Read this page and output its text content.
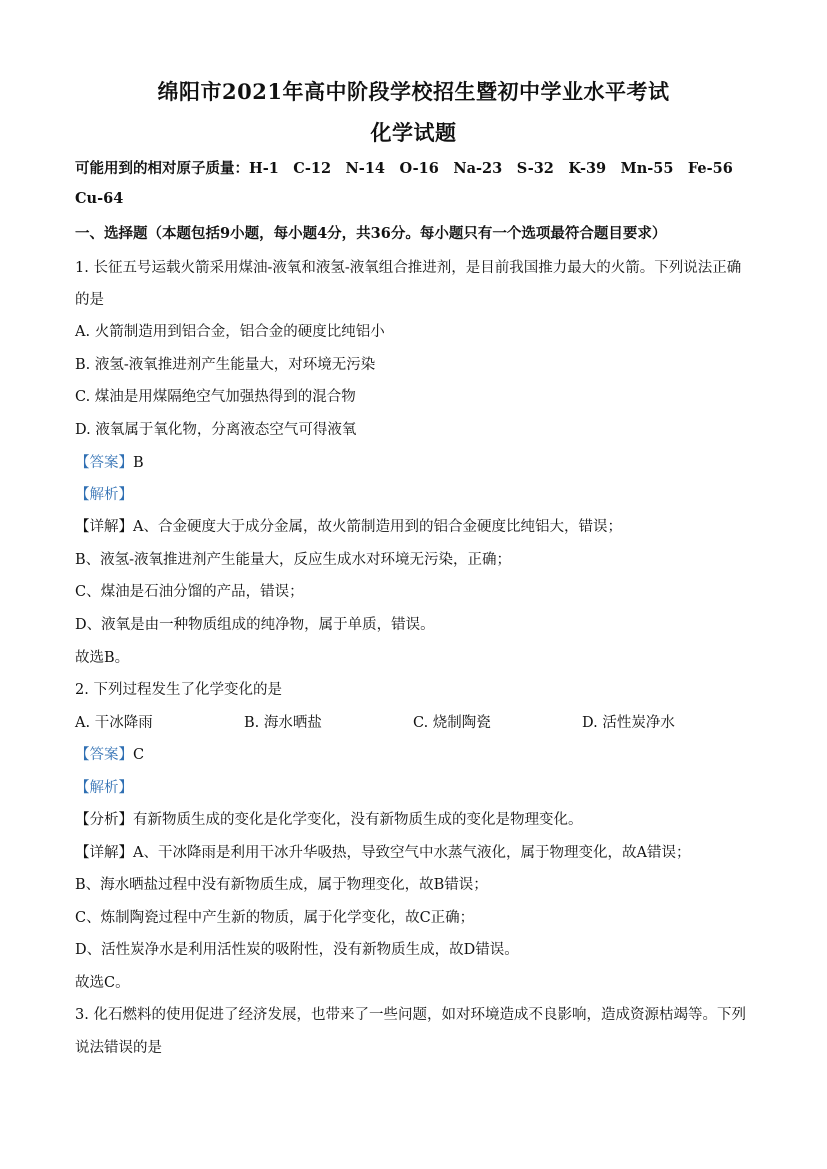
绵阳市2021年高中阶段学校招生暨初中学业水平考试
化学试题
可能用到的相对原子质量：H-1　C-12　N-14　O-16　Na-23　S-32　K-39　Mn-55　Fe-56
Cu-64
一、选择题（本题包括9小题，每小题4分，共36分。每小题只有一个选项最符合题目要求）
1. 长征五号运载火箭采用煤油-液氧和液氢-液氧组合推进剂，是目前我国推力最大的火箭。下列说法正确
的是
A. 火箭制造用到铝合金，铝合金的硬度比纯铝小
B. 液氢-液氧推进剂产生能量大，对环境无污染
C. 煤油是用煤隔绝空气加强热得到的混合物
D. 液氧属于氧化物，分离液态空气可得液氧
【答案】B
【解析】
【详解】A、合金硬度大于成分金属，故火箭制造用到的铝合金硬度比纯铝大，错误；
B、液氢-液氧推进剂产生能量大，反应生成水对环境无污染，正确；
C、煤油是石油分馏的产品，错误；
D、液氧是由一种物质组成的纯净物，属于单质，错误。
故选B。
2. 下列过程发生了化学变化的是
A. 干冰降雨	B. 海水晒盐	C. 烧制陶瓷	D. 活性炭净水
【答案】C
【解析】
【分析】有新物质生成的变化是化学变化，没有新物质生成的变化是物理变化。
【详解】A、干冰降雨是利用干冰升华吸热，导致空气中水蒸气液化，属于物理变化，故A错误；
B、海水晒盐过程中没有新物质生成，属于物理变化，故B错误；
C、炼制陶瓷过程中产生新的物质，属于化学变化，故C正确；
D、活性炭净水是利用活性炭的吸附性，没有新物质生成，故D错误。
故选C。
3. 化石燃料的使用促进了经济发展，也带来了一些问题，如对环境造成不良影响，造成资源枯竭等。下列
说法错误的是
